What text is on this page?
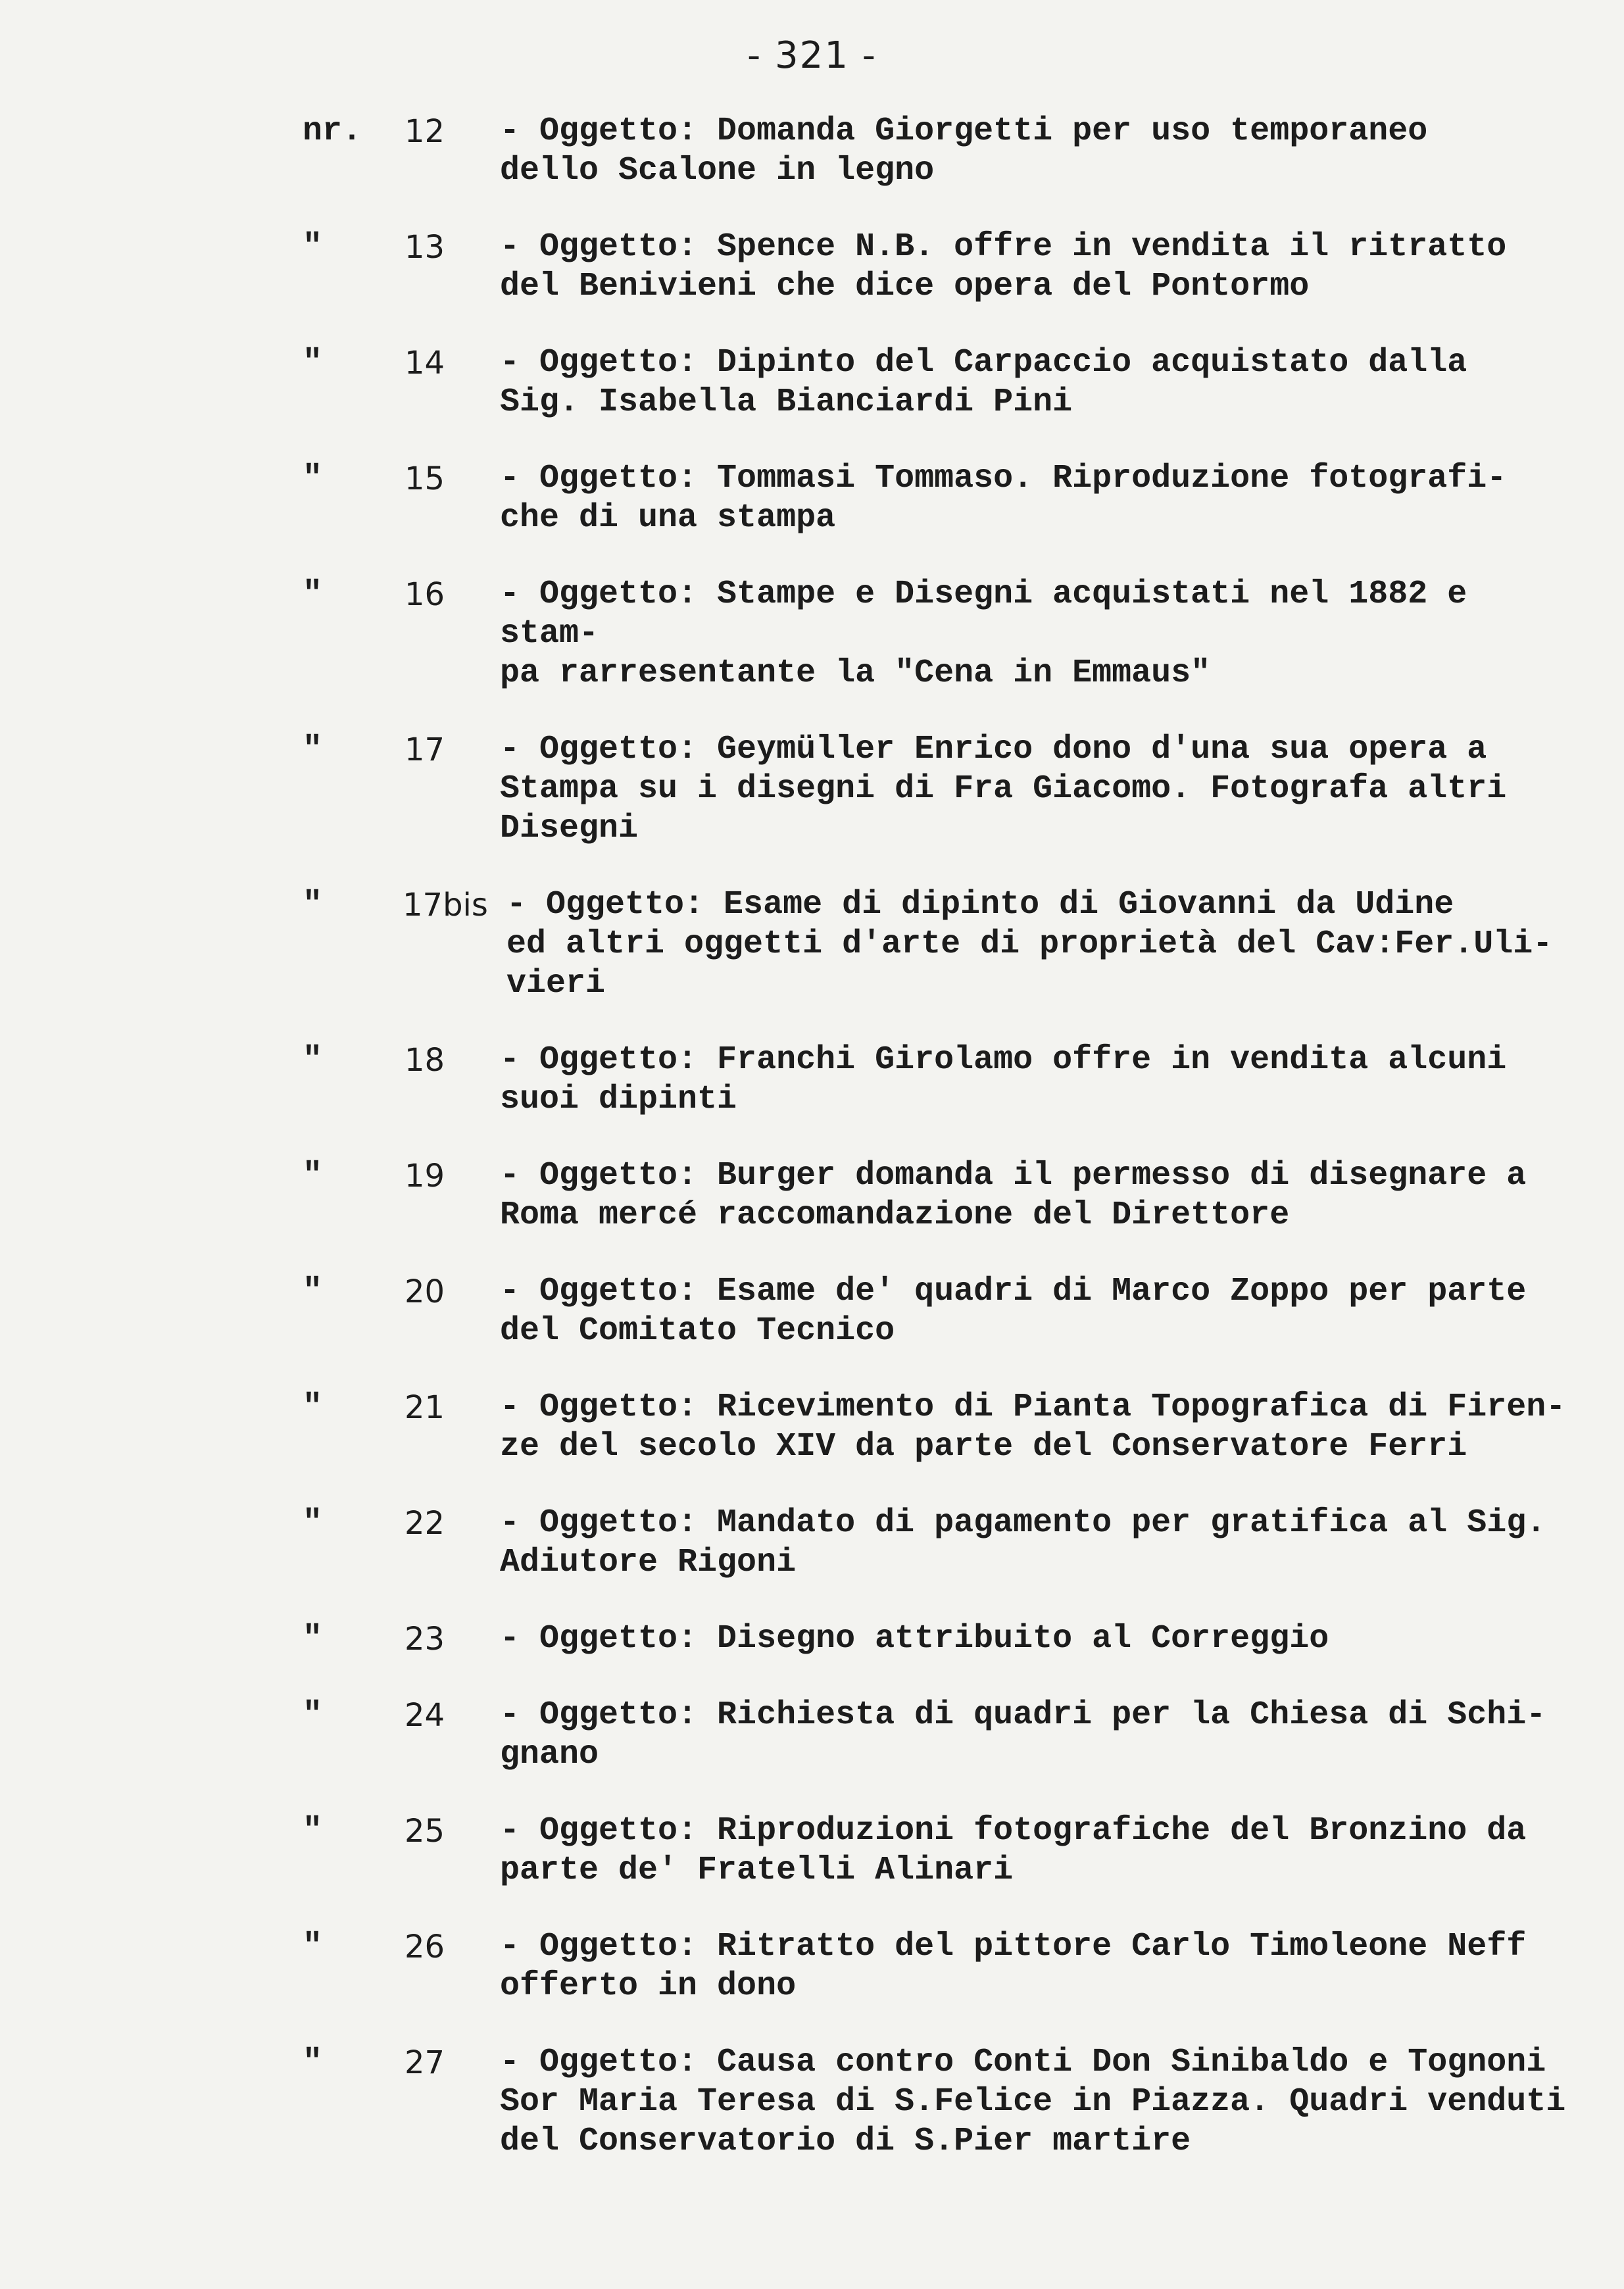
- 321 -
nr. 12 - Oggetto: Domanda Giorgetti per uso temporaneo
dello Scalone in legno
"	13 - Oggetto: Spence N.B. offre in vendita il ritratto
del Benivieni che dice opera del Pontormo
"	14 - Oggetto: Dipinto del Carpaccio acquistato dalla
Sig. Isabella Bianciardi Pini
"	15 - Oggetto: Tommasi Tommaso. Riproduzione fotografi-
che di una stampa
"	16 - Oggetto: Stampe e Disegni acquistati nel 1882 e stam-
pa rarresentante la "Cena in Emmaus"
"	17 - Oggetto: Geymüller Enrico dono d'una sua opera a
Stampa su i disegni di Fra Giacomo. Fotografa altri
Disegni
"	17bis - Oggetto: Esame di dipinto di Giovanni da Udine
ed altri oggetti d'arte di proprietà del Cav:Fer.Uli-
vieri
"	18 - Oggetto: Franchi Girolamo offre in vendita alcuni
suoi dipinti
"	19 - Oggetto: Burger domanda il permesso di disegnare a
Roma mercé raccomandazione del Direttore
"	20 - Oggetto: Esame de' quadri di Marco Zoppo per parte
del Comitato Tecnico
"	21 - Oggetto: Ricevimento di Pianta Topografica di Firen-
ze del secolo XIV da parte del Conservatore Ferri
"	22 - Oggetto: Mandato di pagamento per gratifica al Sig.
Adiutore Rigoni
"	23 - Oggetto: Disegno attribuito al Correggio
"	24 - Oggetto: Richiesta di quadri per la Chiesa di Schi-
gnano
"	25 - Oggetto: Riproduzioni fotografiche del Bronzino da
parte de' Fratelli Alinari
"	26 - Oggetto: Ritratto del pittore Carlo Timoleone Neff
offerto in dono
"	27 - Oggetto: Causa contro Conti Don Sinibaldo e Tognoni
Sor Maria Teresa di S.Felice in Piazza. Quadri venduti
del Conservatorio di S.Pier martire
